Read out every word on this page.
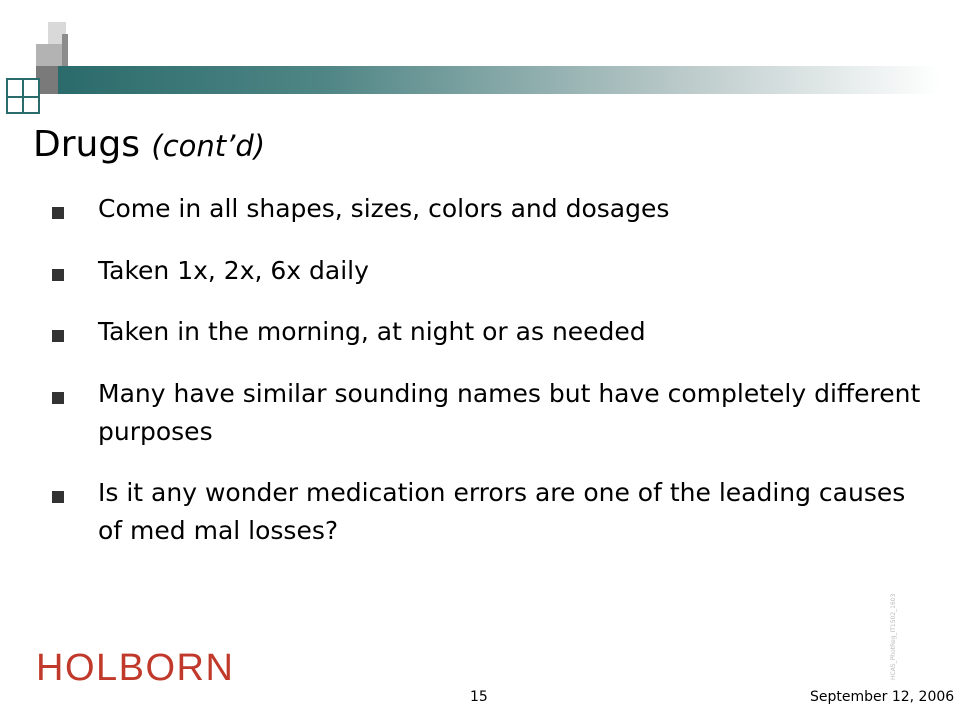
Drugs (cont’d)
Come in all shapes, sizes, colors and dosages
Taken 1x, 2x, 6x daily
Taken in the morning, at night or as needed
Many have similar sounding names but have completely different purposes
Is it any wonder medication errors are one of the leading causes of med mal losses?
HOLBORN
15	September 12, 2006
HCAS_PhotReg_IT1502_1603
